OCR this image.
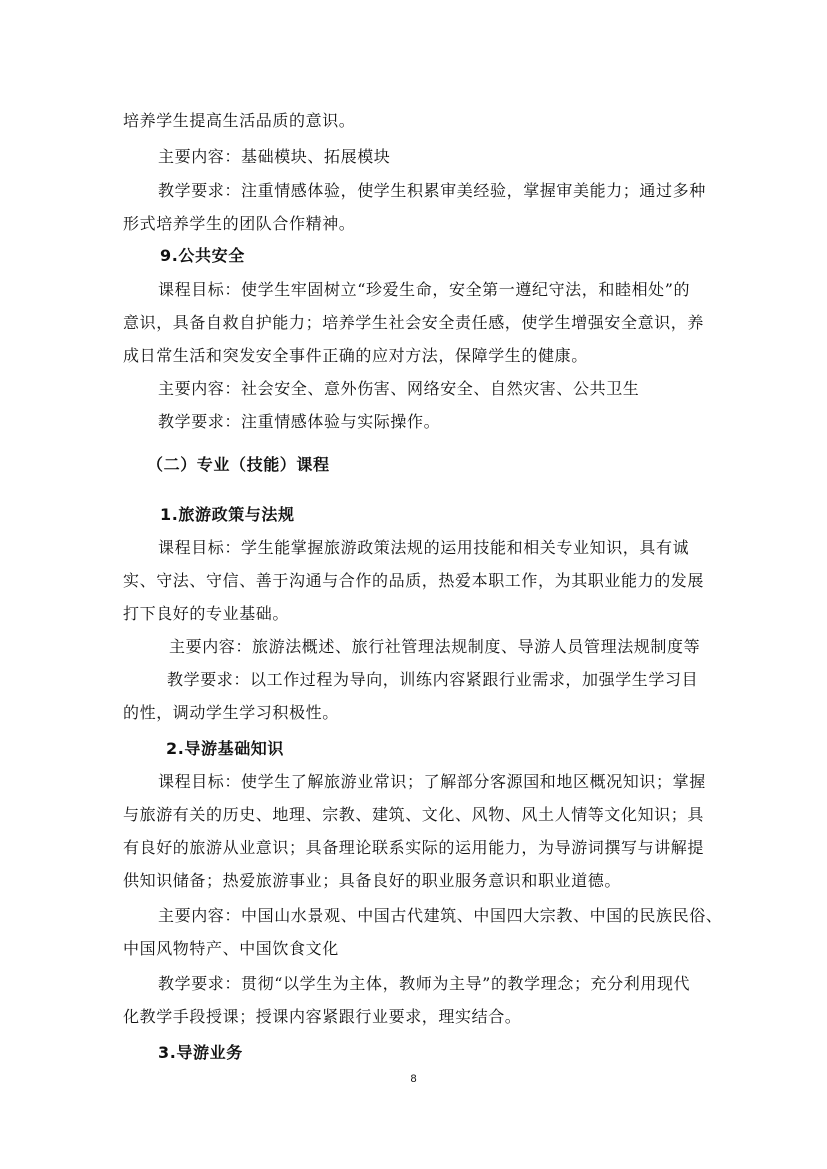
培养学生提高生活品质的意识。
主要内容：基础模块、拓展模块
教学要求：注重情感体验，使学生积累审美经验，掌握审美能力；通过多种
形式培养学生的团队合作精神。
9.公共安全
课程目标：使学生牢固树立“珍爱生命，安全第一遵纪守法，和睦相处”的
意识，具备自救自护能力；培养学生社会安全责任感，使学生增强安全意识，养
成日常生活和突发安全事件正确的应对方法，保障学生的健康。
主要内容：社会安全、意外伤害、网络安全、自然灾害、公共卫生
教学要求：注重情感体验与实际操作。
（二）专业（技能）课程
1.旅游政策与法规
课程目标：学生能掌握旅游政策法规的运用技能和相关专业知识，具有诚
实、守法、守信、善于沟通与合作的品质，热爱本职工作，为其职业能力的发展
打下良好的专业基础。
主要内容：旅游法概述、旅行社管理法规制度、导游人员管理法规制度等
教学要求：以工作过程为导向，训练内容紧跟行业需求，加强学生学习目
的性，调动学生学习积极性。
2.导游基础知识
课程目标：使学生了解旅游业常识；了解部分客源国和地区概况知识；掌握
与旅游有关的历史、地理、宗教、建筑、文化、风物、风土人情等文化知识；具
有良好的旅游从业意识；具备理论联系实际的运用能力，为导游词撰写与讲解提
供知识储备；热爱旅游事业；具备良好的职业服务意识和职业道德。
主要内容：中国山水景观、中国古代建筑、中国四大宗教、中国的民族民俗、
中国风物特产、中国饮食文化
教学要求：贯彻“以学生为主体，教师为主导”的教学理念；充分利用现代
化教学手段授课；授课内容紧跟行业要求，理实结合。
3.导游业务
8
